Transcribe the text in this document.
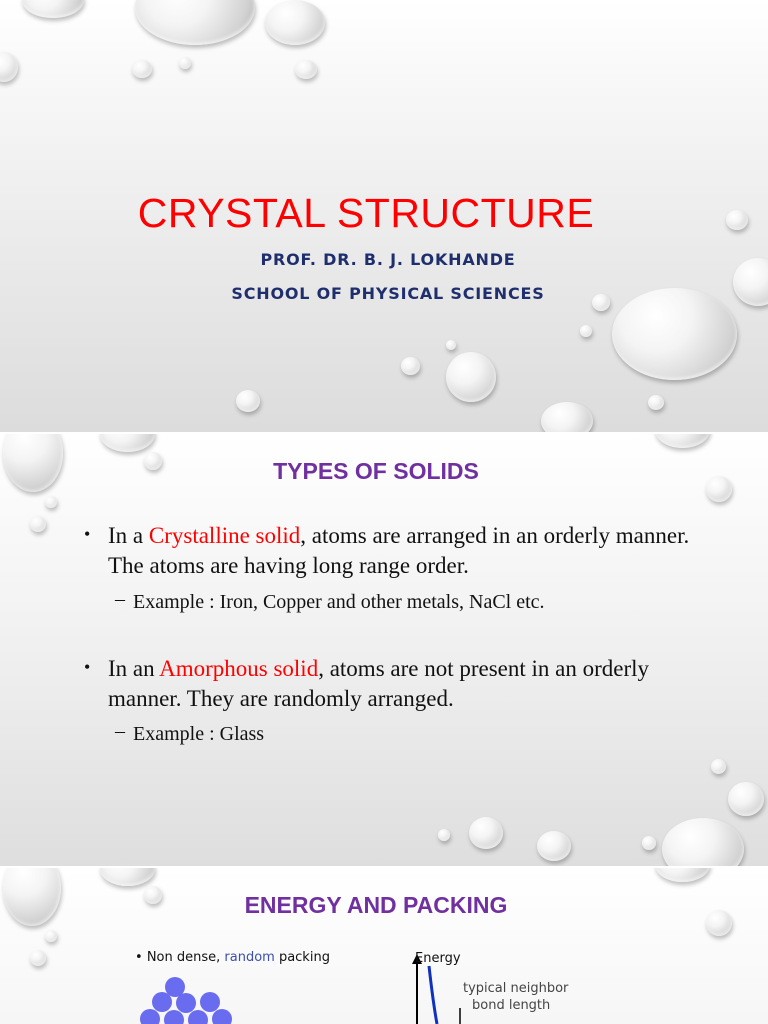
CRYSTAL STRUCTURE
PROF. DR. B. J. LOKHANDE
SCHOOL OF PHYSICAL SCIENCES
TYPES OF SOLIDS
• In a Crystalline solid, atoms are arranged in an orderly manner. The atoms are having long range order.
– Example : Iron, Copper and other metals, NaCl etc.
• In an Amorphous solid, atoms are not present in an orderly manner. They are randomly arranged.
– Example : Glass
ENERGY AND PACKING
• Non dense, random packing	Energy
typical neighbor
bond length
